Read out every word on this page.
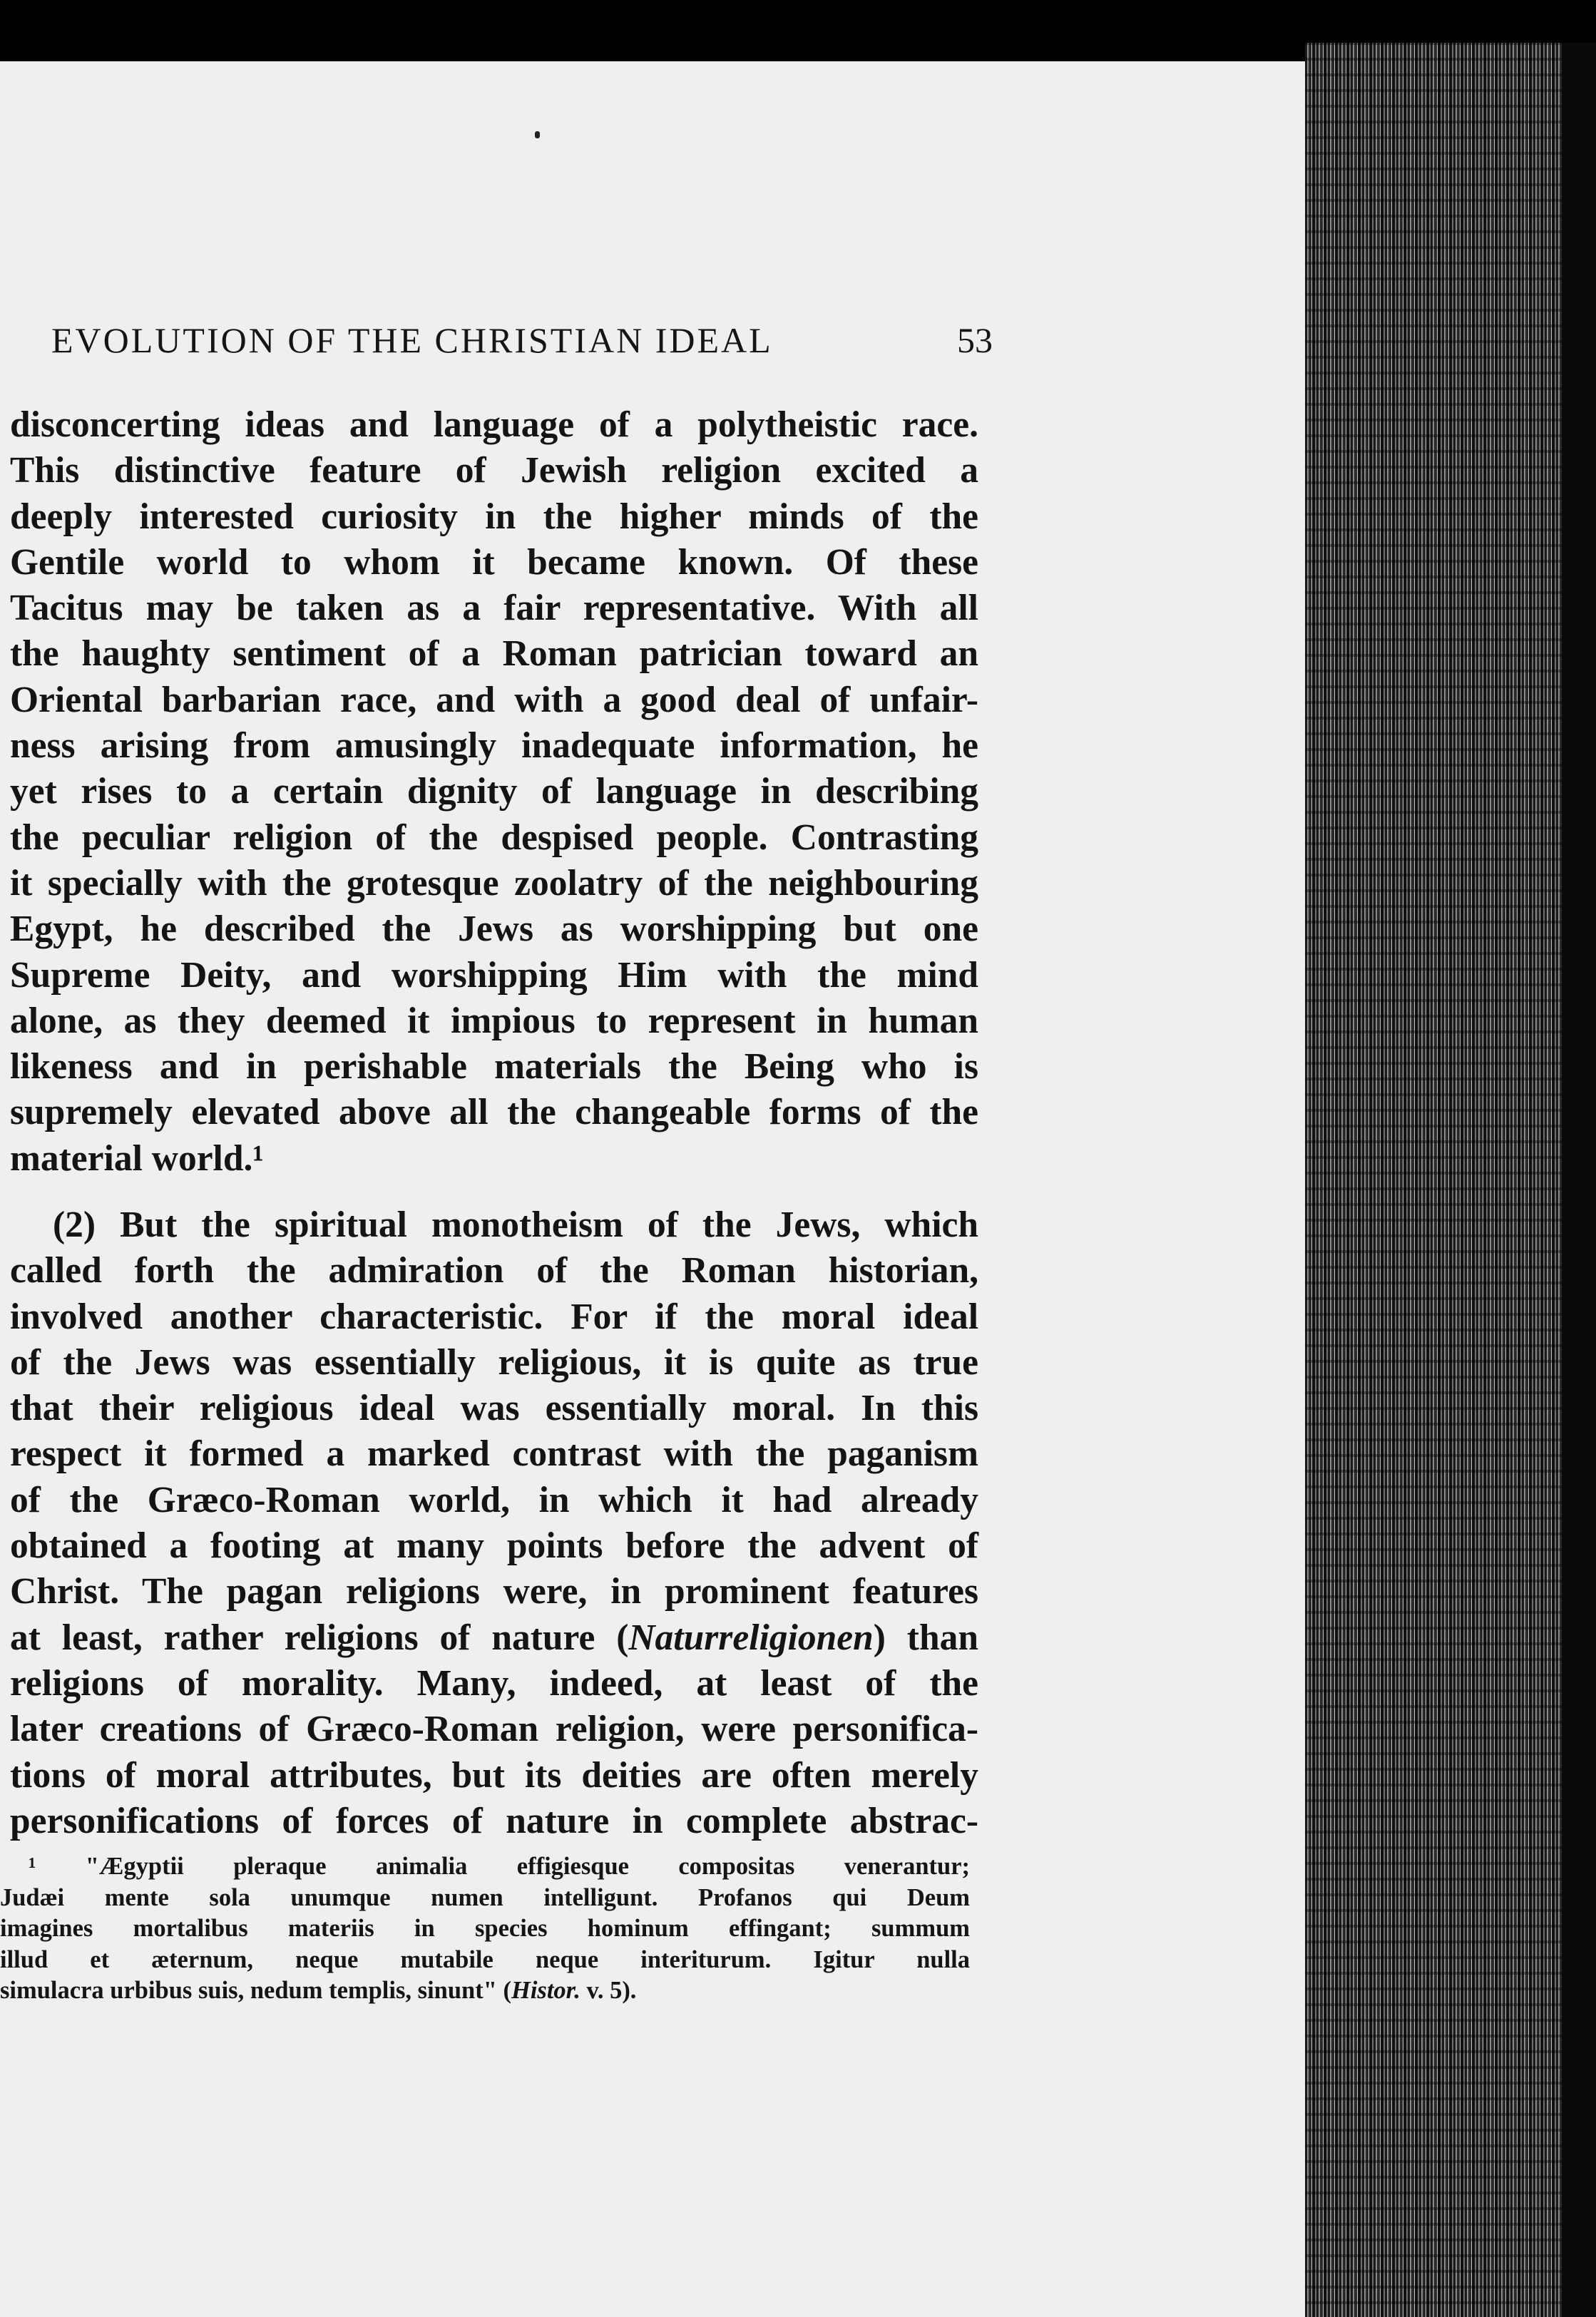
EVOLUTION OF THE CHRISTIAN IDEAL	53
disconcerting ideas and language of a polytheistic race.
This distinctive feature of Jewish religion excited a
deeply interested curiosity in the higher minds of the
Gentile world to whom it became known. Of these
Tacitus may be taken as a fair representative. With all
the haughty sentiment of a Roman patrician toward an
Oriental barbarian race, and with a good deal of unfair-
ness arising from amusingly inadequate information, he
yet rises to a certain dignity of language in describing
the peculiar religion of the despised people. Contrasting
it specially with the grotesque zoolatry of the neighbouring
Egypt, he described the Jews as worshipping but one
Supreme Deity, and worshipping Him with the mind
alone, as they deemed it impious to represent in human
likeness and in perishable materials the Being who is
supremely elevated above all the changeable forms of the
material world.¹
(2) But the spiritual monotheism of the Jews, which
called forth the admiration of the Roman historian,
involved another characteristic. For if the moral ideal
of the Jews was essentially religious, it is quite as true
that their religious ideal was essentially moral. In this
respect it formed a marked contrast with the paganism
of the Græco-Roman world, in which it had already
obtained a footing at many points before the advent of
Christ. The pagan religions were, in prominent features
at least, rather religions of nature (Naturreligionen) than
religions of morality. Many, indeed, at least of the
later creations of Græco-Roman religion, were personifica-
tions of moral attributes, but its deities are often merely
personifications of forces of nature in complete abstrac-
¹ "Ægyptii pleraque animalia effigiesque compositas venerantur;
Judæi mente sola unumque numen intelligunt. Profanos qui Deum
imagines mortalibus materiis in species hominum effingant; summum
illud et æternum, neque mutabile neque interiturum. Igitur nulla
simulacra urbibus suis, nedum templis, sinunt" (Histor. v. 5).
